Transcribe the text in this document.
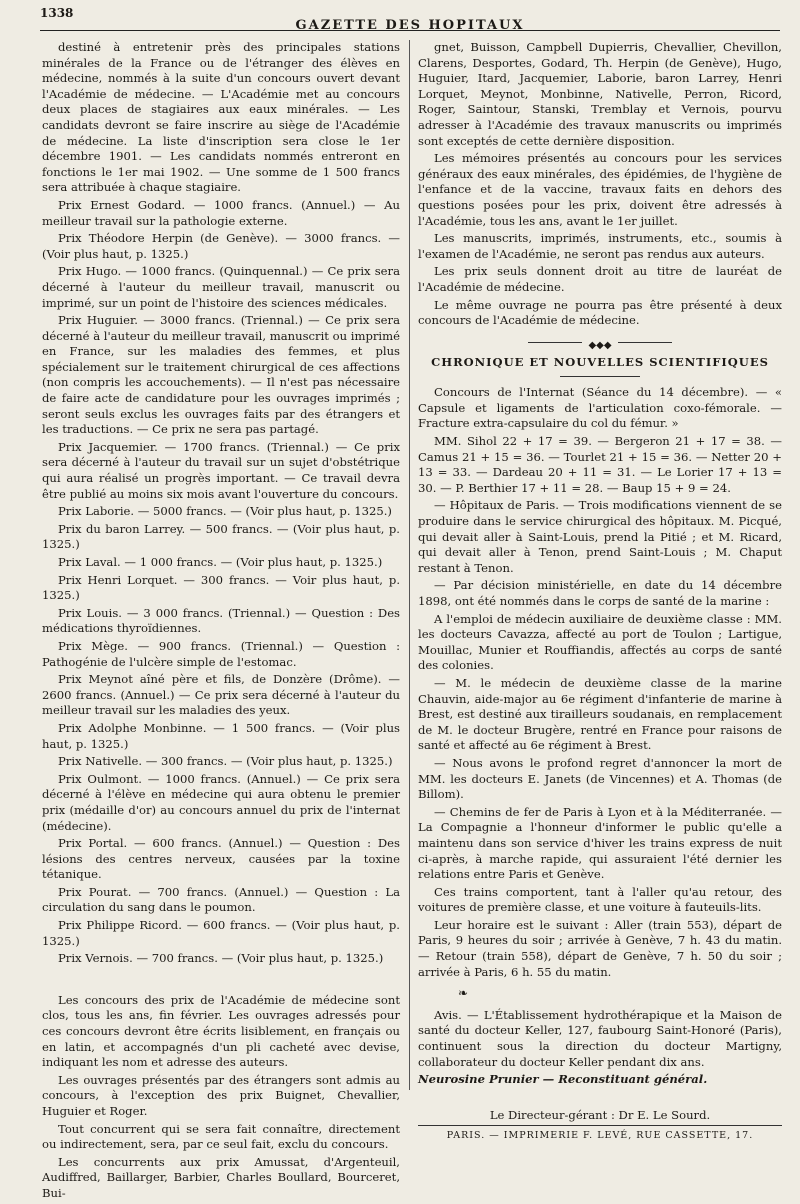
1338
GAZETTE DES HOPITAUX

destiné à entretenir près des principales stations minérales de la France ou de l'étranger des élèves en médecine, nommés à la suite d'un concours ouvert devant l'Académie de médecine. — L'Académie met au concours deux places de stagiaires aux eaux minérales. — Les candidats devront se faire inscrire au siège de l'Académie de médecine. La liste d'inscription sera close le 1er décembre 1901. — Les candidats nommés entreront en fonctions le 1er mai 1902. — Une somme de 1 500 francs sera attribuée à chaque stagiaire.

Prix Ernest Godard. — 1000 francs. (Annuel.) — Au meilleur travail sur la pathologie externe.

Prix Théodore Herpin (de Genève). — 3000 francs. — (Voir plus haut, p. 1325.)

Prix Hugo. — 1000 francs. (Quinquennal.) — Ce prix sera décerné à l'auteur du meilleur travail, manuscrit ou imprimé, sur un point de l'histoire des sciences médicales.

Prix Huguier. — 3000 francs. (Triennal.) — Ce prix sera décerné à l'auteur du meilleur travail, manuscrit ou imprimé en France, sur les maladies des femmes, et plus spécialement sur le traitement chirurgical de ces affections (non compris les accouchements). — Il n'est pas nécessaire de faire acte de candidature pour les ouvrages imprimés ; seront seuls exclus les ouvrages faits par des étrangers et les traductions. — Ce prix ne sera pas partagé.

Prix Jacquemier. — 1700 francs. (Triennal.) — Ce prix sera décerné à l'auteur du travail sur un sujet d'obstétrique qui aura réalisé un progrès important. — Ce travail devra être publié au moins six mois avant l'ouverture du concours.

Prix Laborie. — 5000 francs. — (Voir plus haut, p. 1325.)

Prix du baron Larrey. — 500 francs. — (Voir plus haut, p. 1325.)

Prix Laval. — 1 000 francs. — (Voir plus haut, p. 1325.)

Prix Henri Lorquet. — 300 francs. — Voir plus haut, p. 1325.)

Prix Louis. — 3 000 francs. (Triennal.) — Question : Des médications thyroïdiennes.

Prix Mège. — 900 francs. (Triennal.) — Question : Pathogénie de l'ulcère simple de l'estomac.

Prix Meynot aîné père et fils, de Donzère (Drôme). — 2600 francs. (Annuel.) — Ce prix sera décerné à l'auteur du meilleur travail sur les maladies des yeux.

Prix Adolphe Monbinne. — 1 500 francs. — (Voir plus haut, p. 1325.)

Prix Nativelle. — 300 francs. — (Voir plus haut, p. 1325.)

Prix Oulmont. — 1000 francs. (Annuel.) — Ce prix sera décerné à l'élève en médecine qui aura obtenu le premier prix (médaille d'or) au concours annuel du prix de l'internat (médecine).

Prix Portal. — 600 francs. (Annuel.) — Question : Des lésions des centres nerveux, causées par la toxine tétanique.

Prix Pourat. — 700 francs. (Annuel.) — Question : La circulation du sang dans le poumon.

Prix Philippe Ricord. — 600 francs. — (Voir plus haut, p. 1325.)

Prix Vernois. — 700 francs. — (Voir plus haut, p. 1325.)

Les concours des prix de l'Académie de médecine sont clos, tous les ans, fin février. Les ouvrages adressés pour ces concours devront être écrits lisiblement, en français ou en latin, et accompagnés d'un pli cacheté avec devise, indiquant les nom et adresse des auteurs.

Les ouvrages présentés par des étrangers sont admis au concours, à l'exception des prix Buignet, Chevallier, Huguier et Roger.

Tout concurrent qui se sera fait connaître, directement ou indirectement, sera, par ce seul fait, exclu du concours.

Les concurrents aux prix Amussat, d'Argenteuil, Audiffred, Baillarger, Barbier, Charles Boullard, Bourceret, Bui-

gnet, Buisson, Campbell Dupierris, Chevallier, Chevillon, Clarens, Desportes, Godard, Th. Herpin (de Genève), Hugo, Huguier, Itard, Jacquemier, Laborie, baron Larrey, Henri Lorquet, Meynot, Monbinne, Nativelle, Perron, Ricord, Roger, Saintour, Stanski, Tremblay et Vernois, pourvu adresser à l'Académie des travaux manuscrits ou imprimés sont exceptés de cette dernière disposition.

Les mémoires présentés au concours pour les services généraux des eaux minérales, des épidémies, de l'hygiène de l'enfance et de la vaccine, travaux faits en dehors des questions posées pour les prix, doivent être adressés à l'Académie, tous les ans, avant le 1er juillet.

Les manuscrits, imprimés, instruments, etc., soumis à l'examen de l'Académie, ne seront pas rendus aux auteurs.

Les prix seuls donnent droit au titre de lauréat de l'Académie de médecine.

Le même ouvrage ne pourra pas être présenté à deux concours de l'Académie de médecine.

◆◆◆
CHRONIQUE ET NOUVELLES SCIENTIFIQUES

Concours de l'Internat (Séance du 14 décembre). — « Capsule et ligaments de l'articulation coxo-fémorale. — Fracture extra-capsulaire du col du fémur. »

MM. Sihol 22 + 17 = 39. — Bergeron 21 + 17 = 38. — Camus 21 + 15 = 36. — Tourlet 21 + 15 = 36. — Netter 20 + 13 = 33. — Dardeau 20 + 11 = 31. — Le Lorier 17 + 13 = 30. — P. Berthier 17 + 11 = 28. — Baup 15 + 9 = 24.

— Hôpitaux de Paris. — Trois modifications viennent de se produire dans le service chirurgical des hôpitaux. M. Picqué, qui devait aller à Saint-Louis, prend la Pitié ; et M. Ricard, qui devait aller à Tenon, prend Saint-Louis ; M. Chaput restant à Tenon.

— Par décision ministérielle, en date du 14 décembre 1898, ont été nommés dans le corps de santé de la marine :

A l'emploi de médecin auxiliaire de deuxième classe : MM. les docteurs Cavazza, affecté au port de Toulon ; Lartigue, Mouillac, Munier et Rouffiandis, affectés au corps de santé des colonies.

— M. le médecin de deuxième classe de la marine Chauvin, aide-major au 6e régiment d'infanterie de marine à Brest, est destiné aux tirailleurs soudanais, en remplacement de M. le docteur Brugère, rentré en France pour raisons de santé et affecté au 6e régiment à Brest.

— Nous avons le profond regret d'annoncer la mort de MM. les docteurs E. Janets (de Vincennes) et A. Thomas (de Billom).

— Chemins de fer de Paris à Lyon et à la Méditerranée. — La Compagnie a l'honneur d'informer le public qu'elle a maintenu dans son service d'hiver les trains express de nuit ci-après, à marche rapide, qui assuraient l'été dernier les relations entre Paris et Genève.

Ces trains comportent, tant à l'aller qu'au retour, des voitures de première classe, et une voiture à fauteuils-lits.

Leur horaire est le suivant : Aller (train 553), départ de Paris, 9 heures du soir ; arrivée à Genève, 7 h. 43 du matin. — Retour (train 558), départ de Genève, 7 h. 50 du soir ; arrivée à Paris, 6 h. 55 du matin.

❧

Avis. — L'Établissement hydrothérapique et la Maison de santé du docteur Keller, 127, faubourg Saint-Honoré (Paris), continuent sous la direction du docteur Martigny, collaborateur du docteur Keller pendant dix ans.

Neurosine Prunier — Reconstituant général.

Le Directeur-gérant : Dr E. Le Sourd.
PARIS. — IMPRIMERIE F. LEVÉ, RUE CASSETTE, 17.
